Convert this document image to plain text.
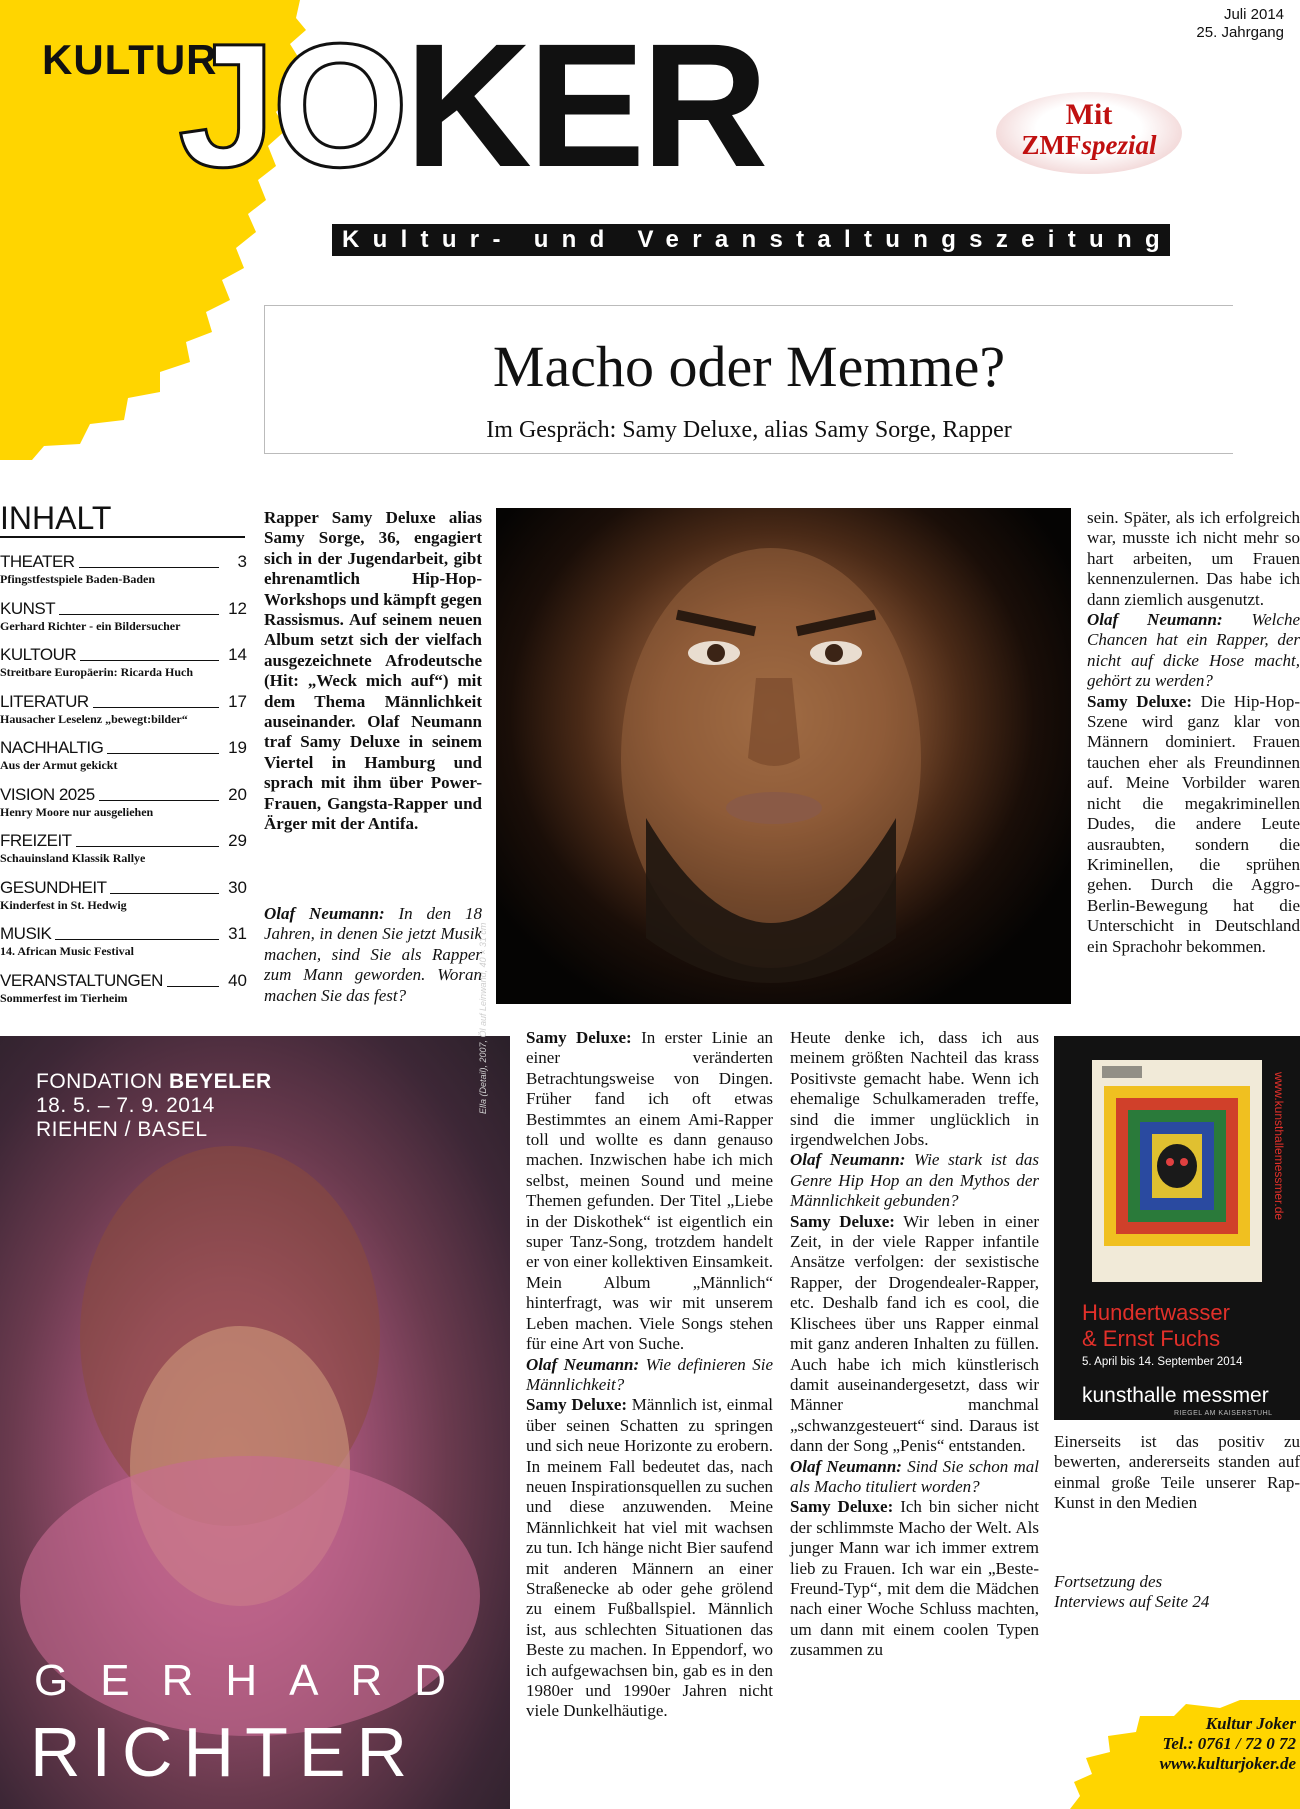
KULTUR
JOKER	Juli 2014
25. Jahrgang
Mit
ZMFspezial
Kultur- und Veranstaltungszeitung
Macho oder Memme?
Im Gespräch: Samy Deluxe, alias Samy Sorge, Rapper
INHALT
THEATER	3
Pfingstfestspiele Baden-Baden
KUNST	12
Gerhard Richter - ein Bildersucher
KULTOUR	14
Streitbare Europäerin: Ricarda Huch
LITERATUR	17
Hausacher Leselenz „bewegt:bilder“
NACHHALTIG	19
Aus der Armut gekickt
VISION 2025	20
Henry Moore nur ausgeliehen
FREIZEIT	29
Schauinsland Klassik Rallye
GESUNDHEIT	30
Kinderfest in St. Hedwig
MUSIK	31
14. African Music Festival
VERANSTALTUNGEN	40
Sommerfest im Tierheim
Rapper Samy Deluxe alias Samy Sorge, 36, engagiert sich in der Jugendarbeit, gibt ehrenamtlich Hip-Hop-Workshops und kämpft gegen Rassismus. Auf seinem neuen Album setzt sich der vielfach ausgezeichnete Afrodeutsche (Hit: „Weck mich auf“) mit dem Thema Männlichkeit auseinander. Olaf Neumann traf Samy Deluxe in seinem Viertel in Hamburg und sprach mit ihm über Power-Frauen, Gangsta-Rapper und Ärger mit der Antifa.
Olaf Neumann: In den 18 Jahren, in denen Sie jetzt Musik machen, sind Sie als Rapper zum Mann geworden. Woran machen Sie das fest?
sein. Später, als ich erfolgreich war, musste ich nicht mehr so hart arbeiten, um Frauen kennenzulernen. Das habe ich dann ziemlich ausgenutzt.
Olaf Neumann: Welche Chancen hat ein Rapper, der nicht auf dicke Hose macht, gehört zu werden?
Samy Deluxe: Die Hip-Hop-Szene wird ganz klar von Männern dominiert. Frauen tauchen eher als Freundinnen auf. Meine Vorbilder waren nicht die megakriminellen Dudes, die andere Leute ausraubten, sondern die Kriminellen, die sprühen gehen. Durch die Aggro-Berlin-Bewegung hat die Unterschicht in Deutschland ein Sprachohr bekommen.
FONDATION BEYELER
18. 5. – 7. 9. 2014
RIEHEN / BASEL
Ella (Detail), 2007, Öl auf Leinwand, 40 × 31 cm
GERHARD
RICHTER
Samy Deluxe: In erster Linie an einer veränderten Betrachtungsweise von Dingen. Früher fand ich oft etwas Bestimmtes an einem Ami-Rapper toll und wollte es dann genauso machen. Inzwischen habe ich mich selbst, meinen Sound und meine Themen gefunden. Der Titel „Liebe in der Diskothek“ ist eigentlich ein super Tanz-Song, trotzdem handelt er von einer kollektiven Einsamkeit. Mein Album „Männlich“ hinterfragt, was wir mit unserem Leben machen. Viele Songs stehen für eine Art von Suche.
Olaf Neumann: Wie definieren Sie Männlichkeit?
Samy Deluxe: Männlich ist, einmal über seinen Schatten zu springen und sich neue Horizonte zu erobern. In meinem Fall bedeutet das, nach neuen Inspirationsquellen zu suchen und diese anzuwenden. Meine Männlichkeit hat viel mit wachsen zu tun. Ich hänge nicht Bier saufend mit anderen Männern an einer Straßenecke ab oder gehe grölend zu einem Fußballspiel. Männlich ist, aus schlechten Situationen das Beste zu machen. In Eppendorf, wo ich aufgewachsen bin, gab es in den 1980er und 1990er Jahren nicht viele Dunkelhäutige.
Heute denke ich, dass ich aus meinem größten Nachteil das krass Positivste gemacht habe. Wenn ich ehemalige Schulkameraden treffe, sind die immer unglücklich in irgendwelchen Jobs.
Olaf Neumann: Wie stark ist das Genre Hip Hop an den Mythos der Männlichkeit gebunden?
Samy Deluxe: Wir leben in einer Zeit, in der viele Rapper infantile Ansätze verfolgen: der sexistische Rapper, der Drogendealer-Rapper, etc. Deshalb fand ich es cool, die Klischees über uns Rapper einmal mit ganz anderen Inhalten zu füllen. Auch habe ich mich künstlerisch damit auseinandergesetzt, dass wir Männer manchmal „schwanzgesteuert“ sind. Daraus ist dann der Song „Penis“ entstanden.
Olaf Neumann: Sind Sie schon mal als Macho tituliert worden?
Samy Deluxe: Ich bin sicher nicht der schlimmste Macho der Welt. Als junger Mann war ich immer extrem lieb zu Frauen. Ich war ein „Beste-Freund-Typ“, mit dem die Mädchen nach einer Woche Schluss machten, um dann mit einem coolen Typen zusammen zu
www.kunsthallemessmer.de
Hundertwasser
& Ernst Fuchs
5. April bis 14. September 2014
kunsthalle messmer
RIEGEL AM KAISERSTUHL
Einerseits ist das positiv zu bewerten, andererseits standen auf einmal große Teile unserer Rap-Kunst in den Medien
Fortsetzung des Interviews auf Seite 24
Kultur Joker
Tel.: 0761 / 72 0 72
www.kulturjoker.de
